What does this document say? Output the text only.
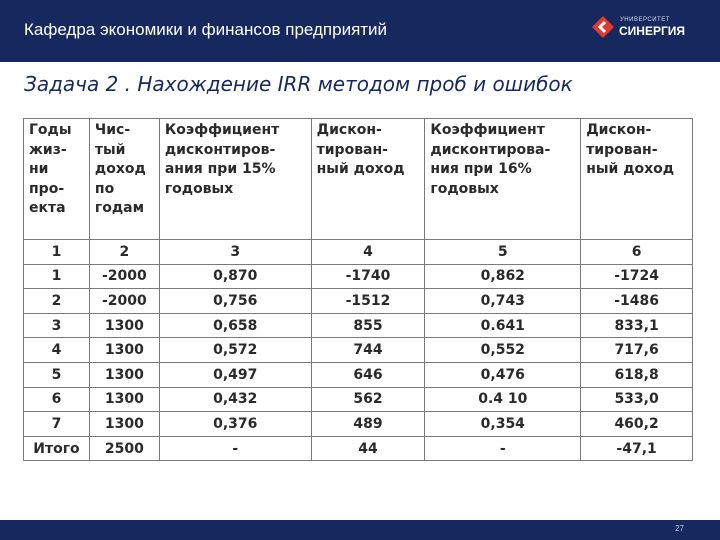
Кафедра экономики и финансов предприятий	УНИВЕРСИТЕТ
СИНЕРГИЯ
Задача 2 . Нахождение IRR методом проб и ошибок
Годы
жиз-
ни
про-
екта	Чис-
тый
доход
по
годам	Коэффициент
дисконтиров-
ания при 15%
годовых	Дискон-
тирован-
ный доход	Коэффициент
дисконтирова-
ния при 16%
годовых	Дискон-
тирован-
ный доход
1	2	3	4	5	6
1	-2000	0,870	-1740	0,862	-1724
2	-2000	0,756	-1512	0,743	-1486
3	1300	0,658	855	0.641	833,1
4	1300	0,572	744	0,552	717,6
5	1300	0,497	646	0,476	618,8
6	1300	0,432	562	0.4 10	533,0
7	1300	0,376	489	0,354	460,2
Итого	2500	-	44	-	-47,1
27
